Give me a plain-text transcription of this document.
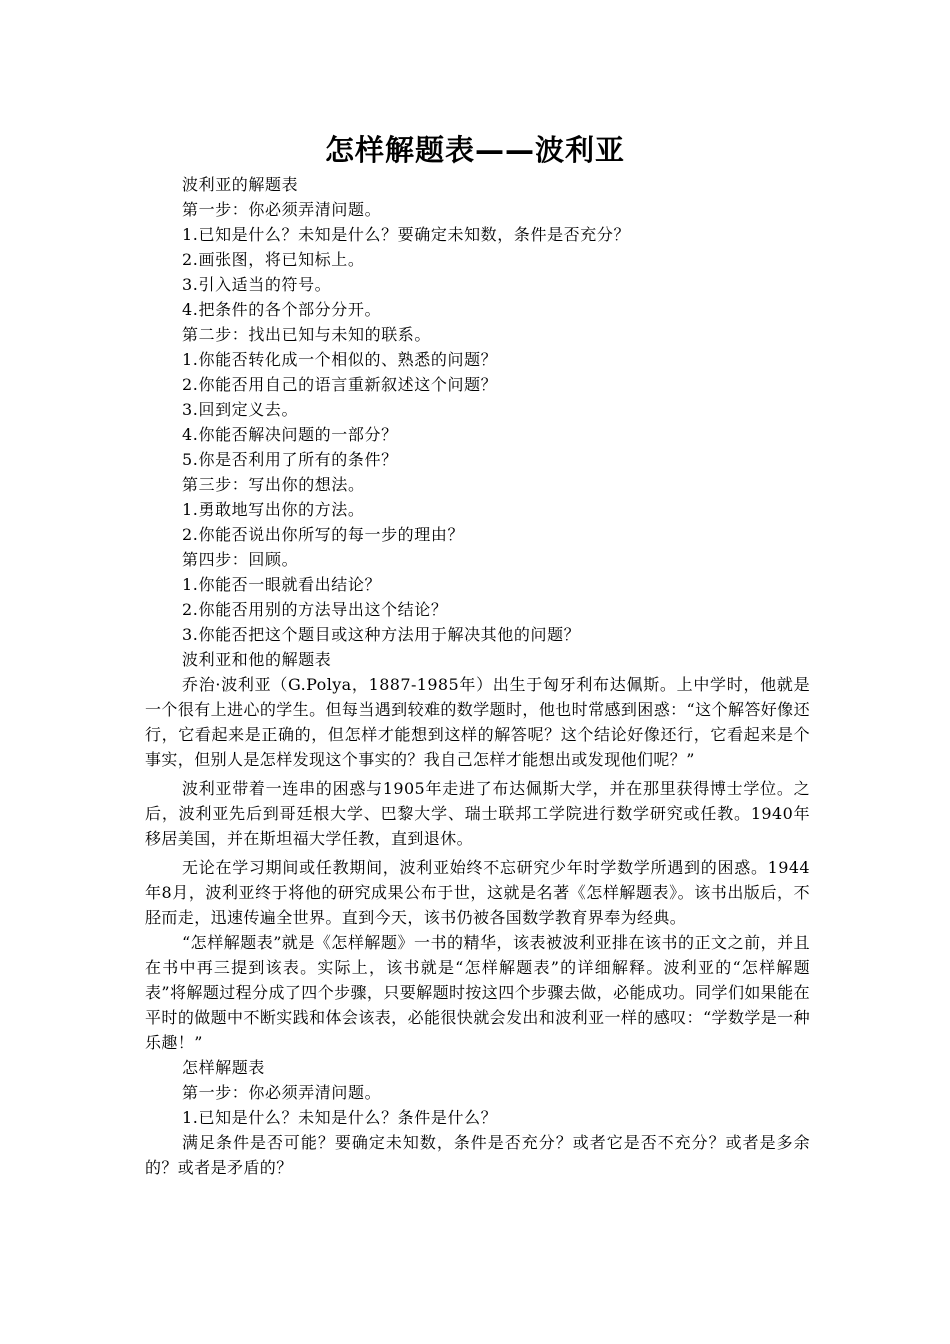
怎样解题表——波利亚
波利亚的解题表
第一步：你必须弄清问题。
1.已知是什么？未知是什么？要确定未知数，条件是否充分？
2.画张图，将已知标上。
3.引入适当的符号。
4.把条件的各个部分分开。
第二步：找出已知与未知的联系。
1.你能否转化成一个相似的、熟悉的问题？
2.你能否用自己的语言重新叙述这个问题？
3.回到定义去。
4.你能否解决问题的一部分？
5.你是否利用了所有的条件？
第三步：写出你的想法。
1.勇敢地写出你的方法。
2.你能否说出你所写的每一步的理由？
第四步：回顾。
1.你能否一眼就看出结论？
2.你能否用别的方法导出这个结论？
3.你能否把这个题目或这种方法用于解决其他的问题？
波利亚和他的解题表

乔治·波利亚（G.Polya，1887-1985年）出生于匈牙利布达佩斯。上中学时，他就是一个很有上进心的学生。但每当遇到较难的数学题时，他也时常感到困惑：“这个解答好像还行，它看起来是正确的，但怎样才能想到这样的解答呢？这个结论好像还行，它看起来是个事实，但别人是怎样发现这个事实的？我自己怎样才能想出或发现他们呢？”

波利亚带着一连串的困惑与1905年走进了布达佩斯大学，并在那里获得博士学位。之后，波利亚先后到哥廷根大学、巴黎大学、瑞士联邦工学院进行数学研究或任教。1940年移居美国，并在斯坦福大学任教，直到退休。

无论在学习期间或任教期间，波利亚始终不忘研究少年时学数学所遇到的困惑。1944年8月，波利亚终于将他的研究成果公布于世，这就是名著《怎样解题表》。该书出版后，不胫而走，迅速传遍全世界。直到今天，该书仍被各国数学教育界奉为经典。

“怎样解题表”就是《怎样解题》一书的精华，该表被波利亚排在该书的正文之前，并且在书中再三提到该表。实际上，该书就是“怎样解题表”的详细解释。波利亚的“怎样解题表”将解题过程分成了四个步骤，只要解题时按这四个步骤去做，必能成功。同学们如果能在平时的做题中不断实践和体会该表，必能很快就会发出和波利亚一样的感叹：“学数学是一种乐趣！”

怎样解题表
第一步：你必须弄清问题。
1.已知是什么？未知是什么？条件是什么？

满足条件是否可能？要确定未知数，条件是否充分？或者它是否不充分？或者是多余的？或者是矛盾的？
